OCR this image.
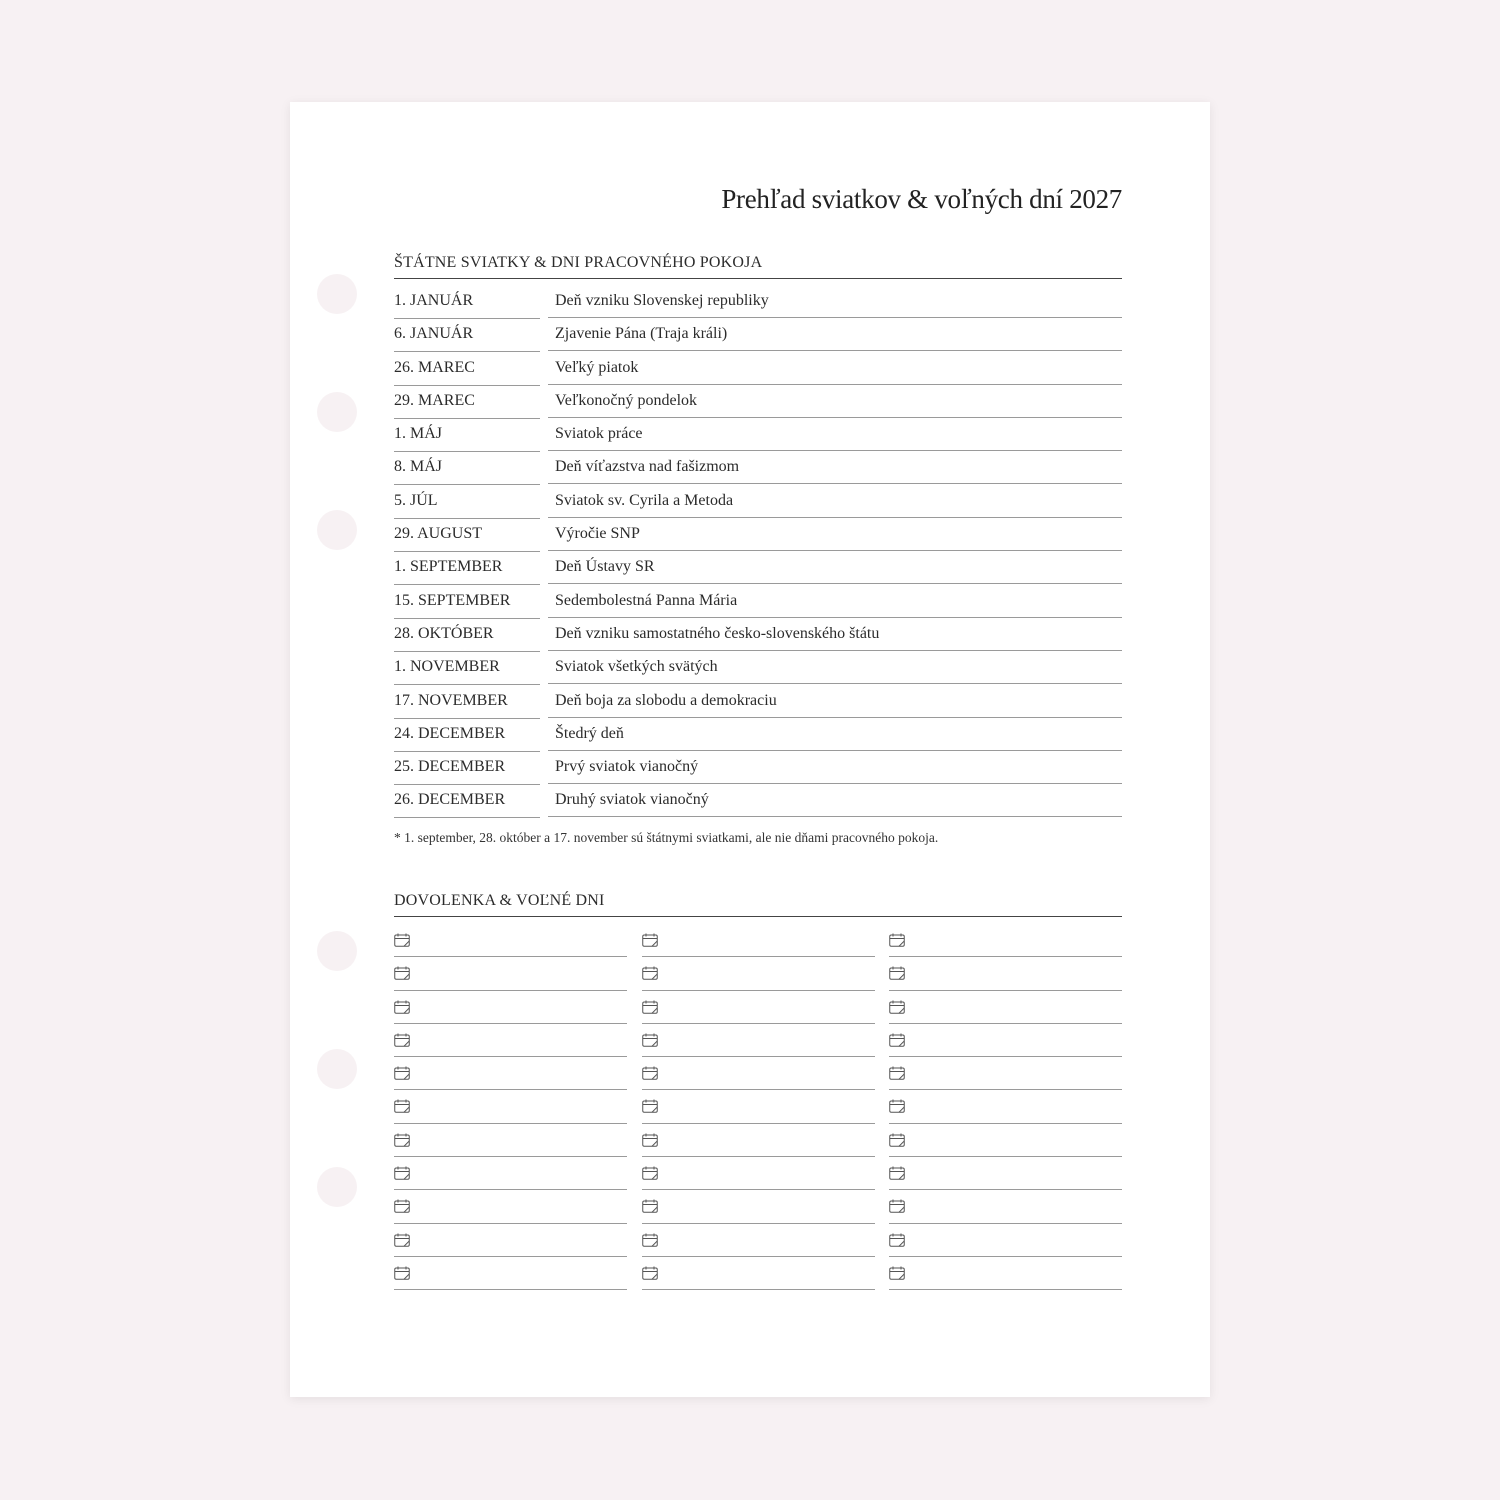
Prehľad sviatkov & voľných dní 2027
ŠTÁTNE SVIATKY & DNI PRACOVNÉHO POKOJA
1. JANUÁR	Deň vzniku Slovenskej republiky
6. JANUÁR	Zjavenie Pána (Traja králi)
26. MAREC	Veľký piatok
29. MAREC	Veľkonočný pondelok
1. MÁJ	Sviatok práce
8. MÁJ	Deň víťazstva nad fašizmom
5. JÚL	Sviatok sv. Cyrila a Metoda
29. AUGUST	Výročie SNP
1. SEPTEMBER	Deň Ústavy SR
15. SEPTEMBER	Sedembolestná Panna Mária
28. OKTÓBER	Deň vzniku samostatného česko-slovenského štátu
1. NOVEMBER	Sviatok všetkých svätých
17. NOVEMBER	Deň boja za slobodu a demokraciu
24. DECEMBER	Štedrý deň
25. DECEMBER	Prvý sviatok vianočný
26. DECEMBER	Druhý sviatok vianočný
* 1. september, 28. október a 17. november sú štátnymi sviatkami, ale nie dňami pracovného pokoja.
DOVOLENKA & VOĽNÉ DNI
